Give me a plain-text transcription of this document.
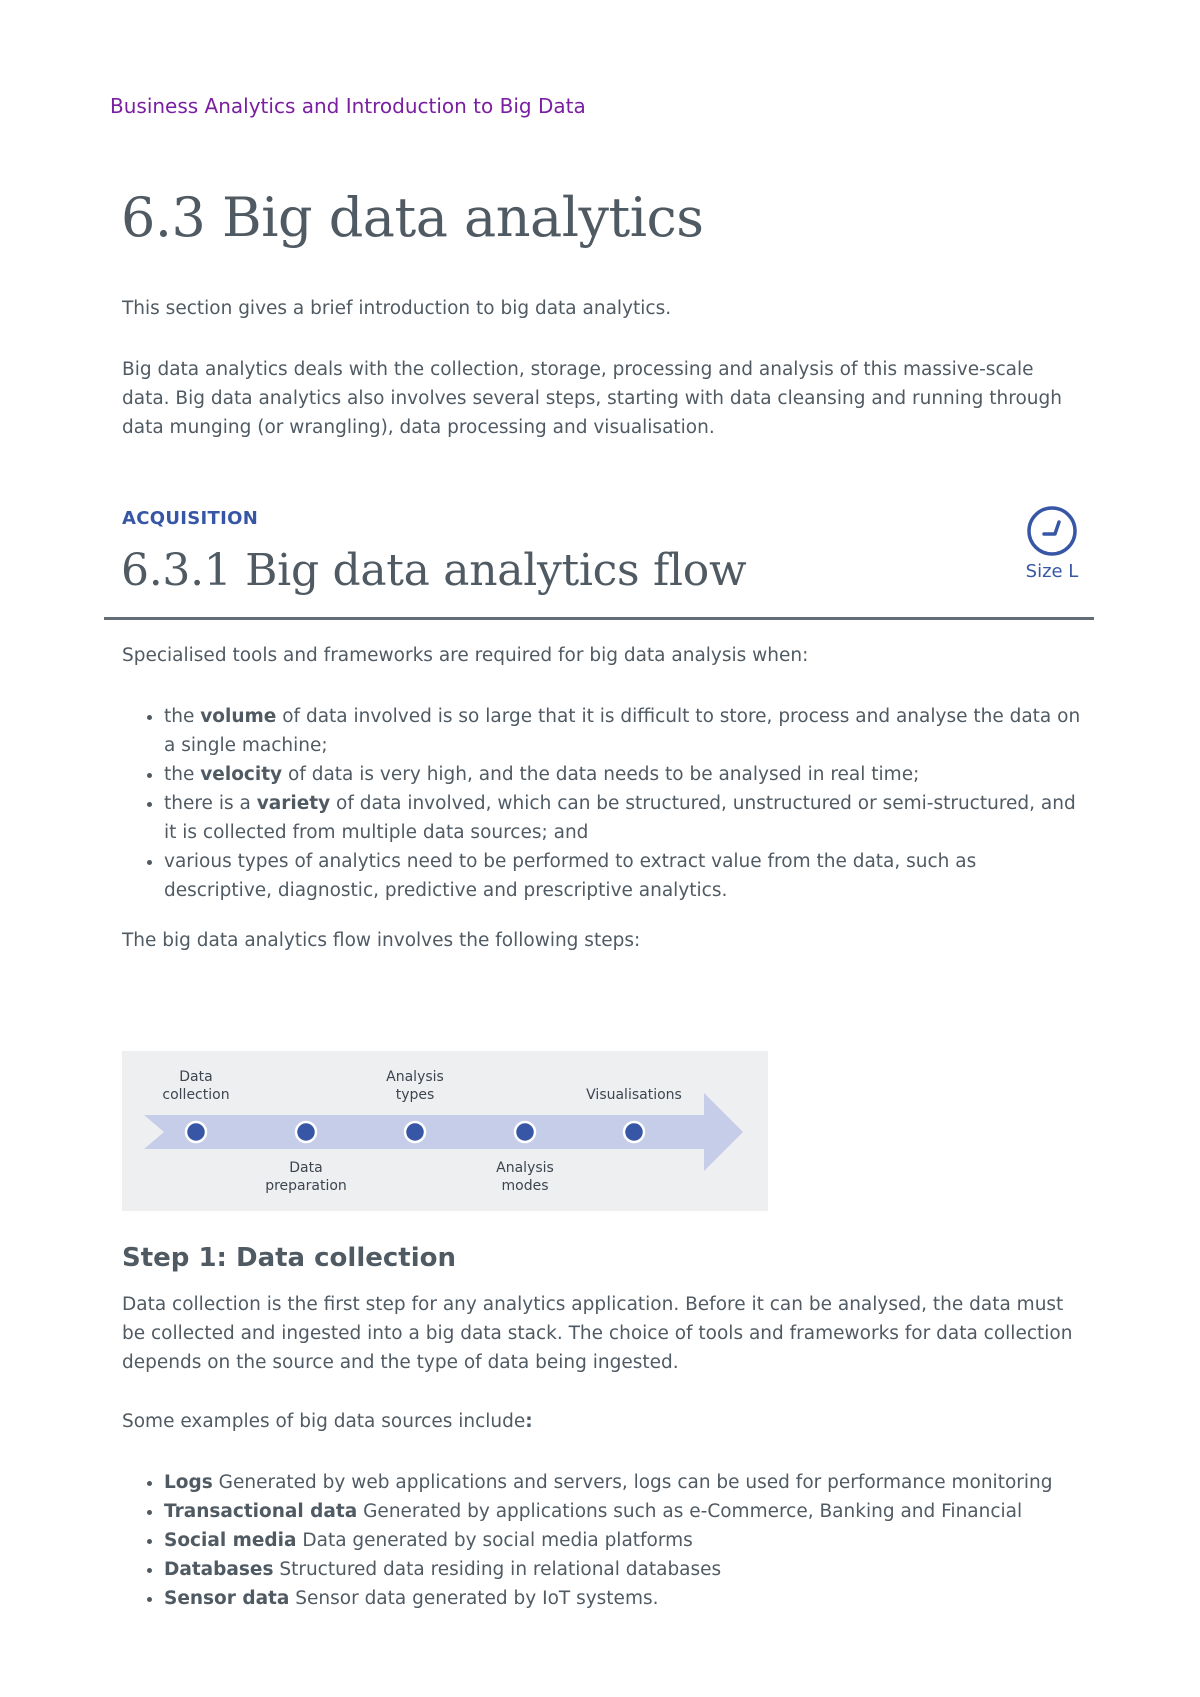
Business Analytics and Introduction to Big Data
6.3 Big data analytics

This section gives a brief introduction to big data analytics.

Big data analytics deals with the collection, storage, processing and analysis of this massive-scale data. Big data analytics also involves several steps, starting with data cleansing and running through data munging (or wrangling), data processing and visualisation.

ACQUISITION
6.3.1 Big data analytics flow	Size L

Specialised tools and frameworks are required for big data analysis when:

• the volume of data involved is so large that it is difficult to store, process and analyse the data on a single machine;
• the velocity of data is very high, and the data needs to be analysed in real time;
• there is a variety of data involved, which can be structured, unstructured or semi-structured, and it is collected from multiple data sources; and
• various types of analytics need to be performed to extract value from the data, such as descriptive, diagnostic, predictive and prescriptive analytics.

The big data analytics flow involves the following steps:

Data
collection
Data
preparation
Analysis
types
Analysis
modes
Visualisations
Step 1: Data collection

Data collection is the first step for any analytics application. Before it can be analysed, the data must be collected and ingested into a big data stack. The choice of tools and frameworks for data collection depends on the source and the type of data being ingested.

Some examples of big data sources include:

• Logs Generated by web applications and servers, logs can be used for performance monitoring
• Transactional data Generated by applications such as e-Commerce, Banking and Financial
• Social media Data generated by social media platforms
• Databases Structured data residing in relational databases
• Sensor data Sensor data generated by IoT systems.
